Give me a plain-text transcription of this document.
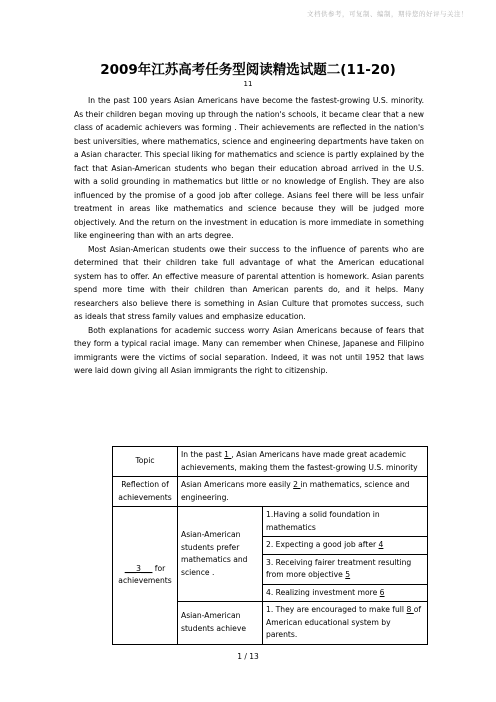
文档供参考，可复制、编制，期待您的好评与关注！
2009年江苏高考任务型阅读精选试题二(11-20)
11

In the past 100 years Asian Americans have become the fastest-growing U.S. minority. As their children began moving up through the nation's schools, it became clear that a new class of academic achievers was forming . Their achievements are reflected in the nation's best universities, where mathematics, science and engineering departments have taken on a Asian character. This special liking for mathematics and science is partly explained by the fact that Asian-American students who began their education abroad arrived in the U.S. with a solid grounding in mathematics but little or no knowledge of English. They are also influenced by the promise of a good job after college. Asians feel there will be less unfair treatment in areas like mathematics and science because they will be judged more objectively. And the return on the investment in education is more immediate in something like engineering than with an arts degree.

Most Asian-American students owe their success to the influence of parents who are determined that their children take full advantage of what the American educational system has to offer. An effective measure of parental attention is homework. Asian parents spend more time with their children than American parents do, and it helps. Many researchers also believe there is something in Asian Culture that promotes success, such as ideals that stress family values and emphasize education.

Both explanations for academic success worry Asian Americans because of fears that they form a typical racial image. Many can remember when Chinese, Japanese and Filipino immigrants were the victims of social separation. Indeed, it was not until 1952 that laws were laid down giving all Asian immigrants the right to citizenship.

Topic	In the past 1 , Asian Americans have made great academic achievements, making them the fastest-growing U.S. minority	
Reflection of achievements	Asian Americans more easily 2 in mathematics, science and engineering.	
___3___ for achievements	Asian-American students prefer mathematics and science .	1.Having a solid foundation in mathematics
		2. Expecting a good job after 4
		3. Receiving fairer treatment resulting from more objective 5
		4. Realizing investment more 6
	Asian-American students achieve	1. They are encouraged to make full 8 of American educational system by parents.
1 / 13
